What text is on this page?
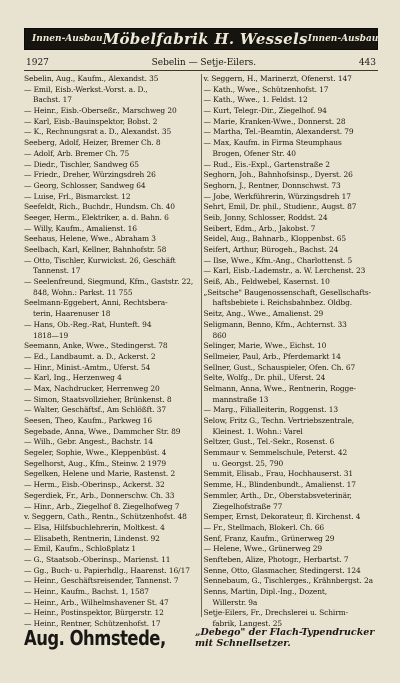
Innen-Ausbau Möbelfabrik H. Wessels Innen-Ausbau
1927	Sebelin — Sețje-Eilers.	443
Sebelin, Aug., Kaufm., Alexandst. 35
— Emil, Eisb.-Werkst.-Vorst. a. D.,
Bachst. 17
— Heinr., Eisb.-Oberseßr., Marschweg 20
— Karl, Eisb.-Bauinspektor, Bobst. 2
— K., Rechnungsrat a. D., Alexandst. 35
Seeberg, Adolf, Heizer, Bremer Ch. 8
— Adolf, Arb. Bremer Ch. 75
— Diedr., Tischler, Sandweg 65
— Friedr., Dreher, Würzingsdreh 26
— Georg, Schlosser, Sandweg 64
— Luise, Frl., Bismarckst. 12
Seefeldt, Rich., Buchdr., Hundsm. Ch. 40
Seeger, Herm., Elektriker, a. d. Bahn. 6
— Willy, Kaufm., Amalienst. 16
Seehaus, Helene, Wwe., Abraham 3
Seelbach, Karl, Kellner, Bahnhofstr. 58
— Otto, Tischler, Kurwickst. 26, Geschäft
Tannenst. 17
— Seelenfreund, Siegmund, Kfm., Gaststr. 22,
848, Wohn.: Parkst. 11 755
Seelmann-Eggebert, Anni, Rechtsbera-
terin, Haarenuser 18
— Hans, Ob.-Reg.-Rat, Hunteft. 94
1818—19
Seemann, Anke, Wwe., Stedingerst. 78
— Ed., Landbaumt. a. D., Ackerst. 2
— Hinr., Minist.-Amtm., Uferst. 54
— Karl, Ing., Herzenweg 4
— Max, Nachdrucker, Herrenweg 20
— Simon, Staatsvollzieher, Brünkenst. 8
— Walter, Geschäftsf., Am Schlößft. 37
Seesen, Theo, Kaufm., Parkweg 16
Segebade, Anna, Wwe., Dammcher Str. 89
— Wilh., Gebr. Angest., Bachstr. 14
Segeler, Sophie, Wwe., Kleppenbüst. 4
Segelhorst, Aug., Kfm., Steinw. 2 1979
Segelken, Helene und Marie, Rastenst. 2
— Herm., Eisb.-Oberinsp., Ackerst. 32
Segerdiek, Fr., Arb., Donnerschw. Ch. 33
— Hinr., Arb., Ziegelhof 8. Ziegelhofweg 7
v. Seggern, Cath., Rentn., Schützenhofst. 48
— Elsa, Hilfsbuchlehrerin, Moltkest. 4
— Elisabeth, Rentnerin, Lindenst. 92
— Emil, Kaufm., Schloßplatz 1
— G., Staatsob.-Oberinsp., Marienst. 11
— Gg., Buch- u. Papierhdlg., Haarenst. 16/17
— Heinr., Geschäftsreisender, Tannenst. 7
— Heinr., Kaufm., Bachst. 1, 1587
— Heinr., Arb., Wilhelmshavener St. 47
— Heinr., Postinspektor, Bürgerstr. 12
— Heinr., Rentner, Schützenhofst. 17
v. Seggern, H., Marinerzt, Ofenerst. 147
— Kath., Wwe., Schützenhofst. 17
— Kath., Wwe., 1. Feldst. 12
— Kurt, Telegr.-Dir., Ziegelhof. 94
— Marie, Kranken-Wwe., Donnerst. 28
— Martha, Tel.-Beamtin, Alexanderst. 79
— Max, Kaufm. in Firma Steumphaus
Brogen, Ofener Str. 40
— Rud., Eis.-Expl., Gartenstraße 2
Seghorn, Joh., Bahnhofsinsp., Dyerst. 26
Seghorn, J., Rentner, Donnschwst. 73
— Jobe, Werkführerin, Würzingsdreh 17
Sehrt, Emil, Dr. phil., Studienr., Augst. 87
Seib, Jonny, Schlosser, Roddst. 24
Seibert, Edm., Arb., Jakobst. 7
Seidel, Aug., Bahnarb., Kloppenbst. 65
Seifert, Arthur, Bürogeh., Bachst. 24
— Ilse, Wwe., Kfm.-Ang., Charlottenst. 5
— Karl, Eisb.-Lademstr., a. W. Lerchenst. 23
Seiß, Ab., Feldwebel, Kasernst. 10
„Seitsche" Baugenossenschaft, Gesellschafts-
haftsbebiete i. Reichsbahnbez. Oldbg.
Seitz, Ang., Wwe., Amalienst. 29
Seligmann, Benno, Kfm., Achternst. 33
860
Selinger, Marie, Wwe., Eichst. 10
Sellmeier, Paul, Arb., Pferdemarkt 14
Sellner, Gust., Schauspieler, Ofen. Ch. 67
Selte, Wolfg., Dr. phil., Uferst. 24
Selmann, Anna, Wwe., Rentnerin, Rogge-
mannstraße 13
— Marg., Filialleiterin, Roggenst. 13
Selow, Fritz G., Techn. Vertriebszentrale,
Kleinest. 1. Wohn.: Varel
Seltzer, Gust., Tel.-Sekr., Rosenst. 6
Semmaur v. Semmelschule, Peterst. 42
u. Georgst. 25, 790
Semmit, Elisab., Frau, Hochhauserst. 31
Semme, H., Blindenbundt., Amalienst. 17
Semmler, Arth., Dr., Oberstabsveterinär,
Ziegelhofstraße 77
Semper, Ernst, Dekorateur, fl. Kirchenst. 4
— Fr., Stellmach, Blokerl. Ch. 66
Senf, Franz, Kaufm., Grünerweg 29
— Helene, Wwe., Grünerweg 29
Senfteben, Alize, Photogr., Herbartst. 7
Senne, Otto, Glasmacher, Stedingerst. 124
Sennebaum, G., Tischlerges., Krähnbergst. 2a
Senns, Martin, Dipl.-Ing., Dozent,
Willerstr. 9a
Sețje-Eilers, Fr., Drechslerei u. Schirm-
fabrik, Langest. 25
Aug. Ohmstede,	„Debego" der Flach-Typendrucker
mit Schnellsetzer.
